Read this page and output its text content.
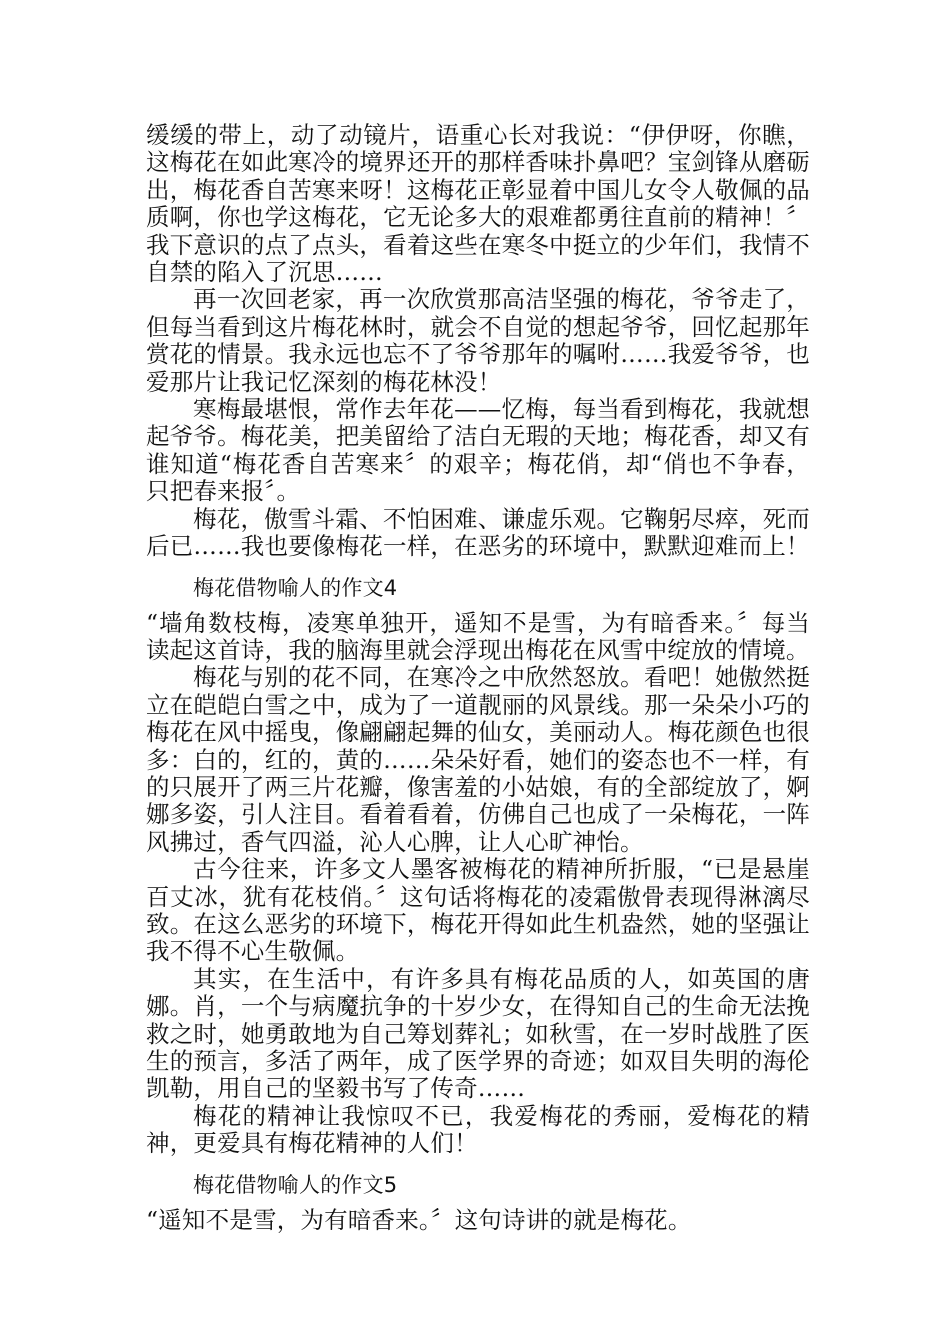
缓缓的带上，动了动镜片，语重心长对我说：“伊伊呀，你瞧，这梅花在如此寒冷的境界还开的那样香味扑鼻吧？宝剑锋从磨砺出，梅花香自苦寒来呀！这梅花正彰显着中国儿女令人敬佩的品质啊，你也学这梅花，它无论多大的艰难都勇往直前的精神！〞我下意识的点了点头，看着这些在寒冬中挺立的少年们，我情不自禁的陷入了沉思……

再一次回老家，再一次欣赏那高洁坚强的梅花，爷爷走了，但每当看到这片梅花林时，就会不自觉的想起爷爷，回忆起那年赏花的情景。我永远也忘不了爷爷那年的嘱咐……我爱爷爷，也爱那片让我记忆深刻的梅花林没！

寒梅最堪恨，常作去年花——忆梅，每当看到梅花，我就想起爷爷。梅花美，把美留给了洁白无瑕的天地；梅花香，却又有谁知道“梅花香自苦寒来〞的艰辛；梅花俏，却“俏也不争春，只把春来报〞。

梅花，傲雪斗霜、不怕困难、谦虚乐观。它鞠躬尽瘁，死而后已……我也要像梅花一样，在恶劣的环境中，默默迎难而上！

梅花借物喻人的作文4

“墙角数枝梅，凌寒单独开，遥知不是雪，为有暗香来。〞每当读起这首诗，我的脑海里就会浮现出梅花在风雪中绽放的情境。

梅花与别的花不同，在寒冷之中欣然怒放。看吧！她傲然挺立在皑皑白雪之中，成为了一道靓丽的风景线。那一朵朵小巧的梅花在风中摇曳，像翩翩起舞的仙女，美丽动人。梅花颜色也很多：白的，红的，黄的……朵朵好看，她们的姿态也不一样，有的只展开了两三片花瓣，像害羞的小姑娘，有的全部绽放了，婀娜多姿，引人注目。看着看着，仿佛自己也成了一朵梅花，一阵风拂过，香气四溢，沁人心脾，让人心旷神怡。

古今往来，许多文人墨客被梅花的精神所折服，“已是悬崖百丈冰，犹有花枝俏。〞这句话将梅花的凌霜傲骨表现得淋漓尽致。在这么恶劣的环境下，梅花开得如此生机盎然，她的坚强让我不得不心生敬佩。

其实，在生活中，有许多具有梅花品质的人，如英国的唐娜。肖，一个与病魔抗争的十岁少女，在得知自己的生命无法挽救之时，她勇敢地为自己筹划葬礼；如秋雪，在一岁时战胜了医生的预言，多活了两年，成了医学界的奇迹；如双目失明的海伦凯勒，用自己的坚毅书写了传奇……

梅花的精神让我惊叹不已，我爱梅花的秀丽，爱梅花的精神，更爱具有梅花精神的人们！

梅花借物喻人的作文5

“遥知不是雪，为有暗香来。〞这句诗讲的就是梅花。
